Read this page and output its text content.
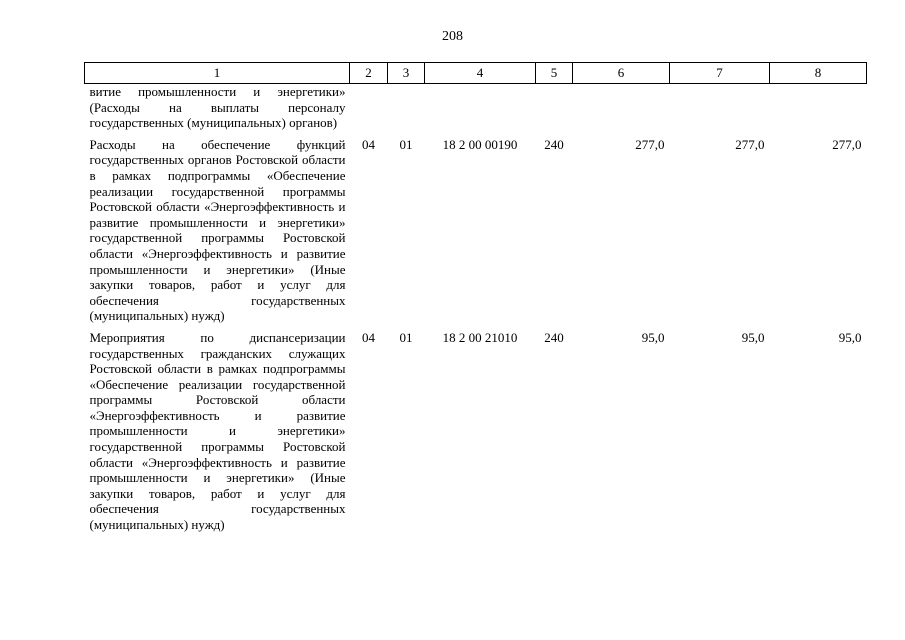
208
1	2	3	4	5	6	7	8
витие промышленности и энергетики» (Расходы на выплаты персоналу государственных (муниципальных) органов)							
Расходы на обеспечение функций государственных органов Ростовской области в рамках подпрограммы «Обеспечение реализации государственной программы Ростовской области «Энергоэффективность и развитие промышленности и энергетики» государственной программы Ростовской области «Энергоэффективность и развитие промышленности и энергетики» (Иные закупки товаров, работ и услуг для обеспечения государственных (муниципальных) нужд)	04	01	18 2 00 00190	240	277,0	277,0	277,0
Мероприятия по диспансеризации государственных гражданских служащих Ростовской области в рамках подпрограммы «Обеспечение реализации государственной программы Ростовской области «Энергоэффективность и развитие промышленности и энергетики» государственной программы Ростовской области «Энергоэффективность и развитие промышленности и энергетики» (Иные закупки товаров, работ и услуг для обеспечения государственных (муниципальных) нужд)	04	01	18 2 00 21010	240	95,0	95,0	95,0
